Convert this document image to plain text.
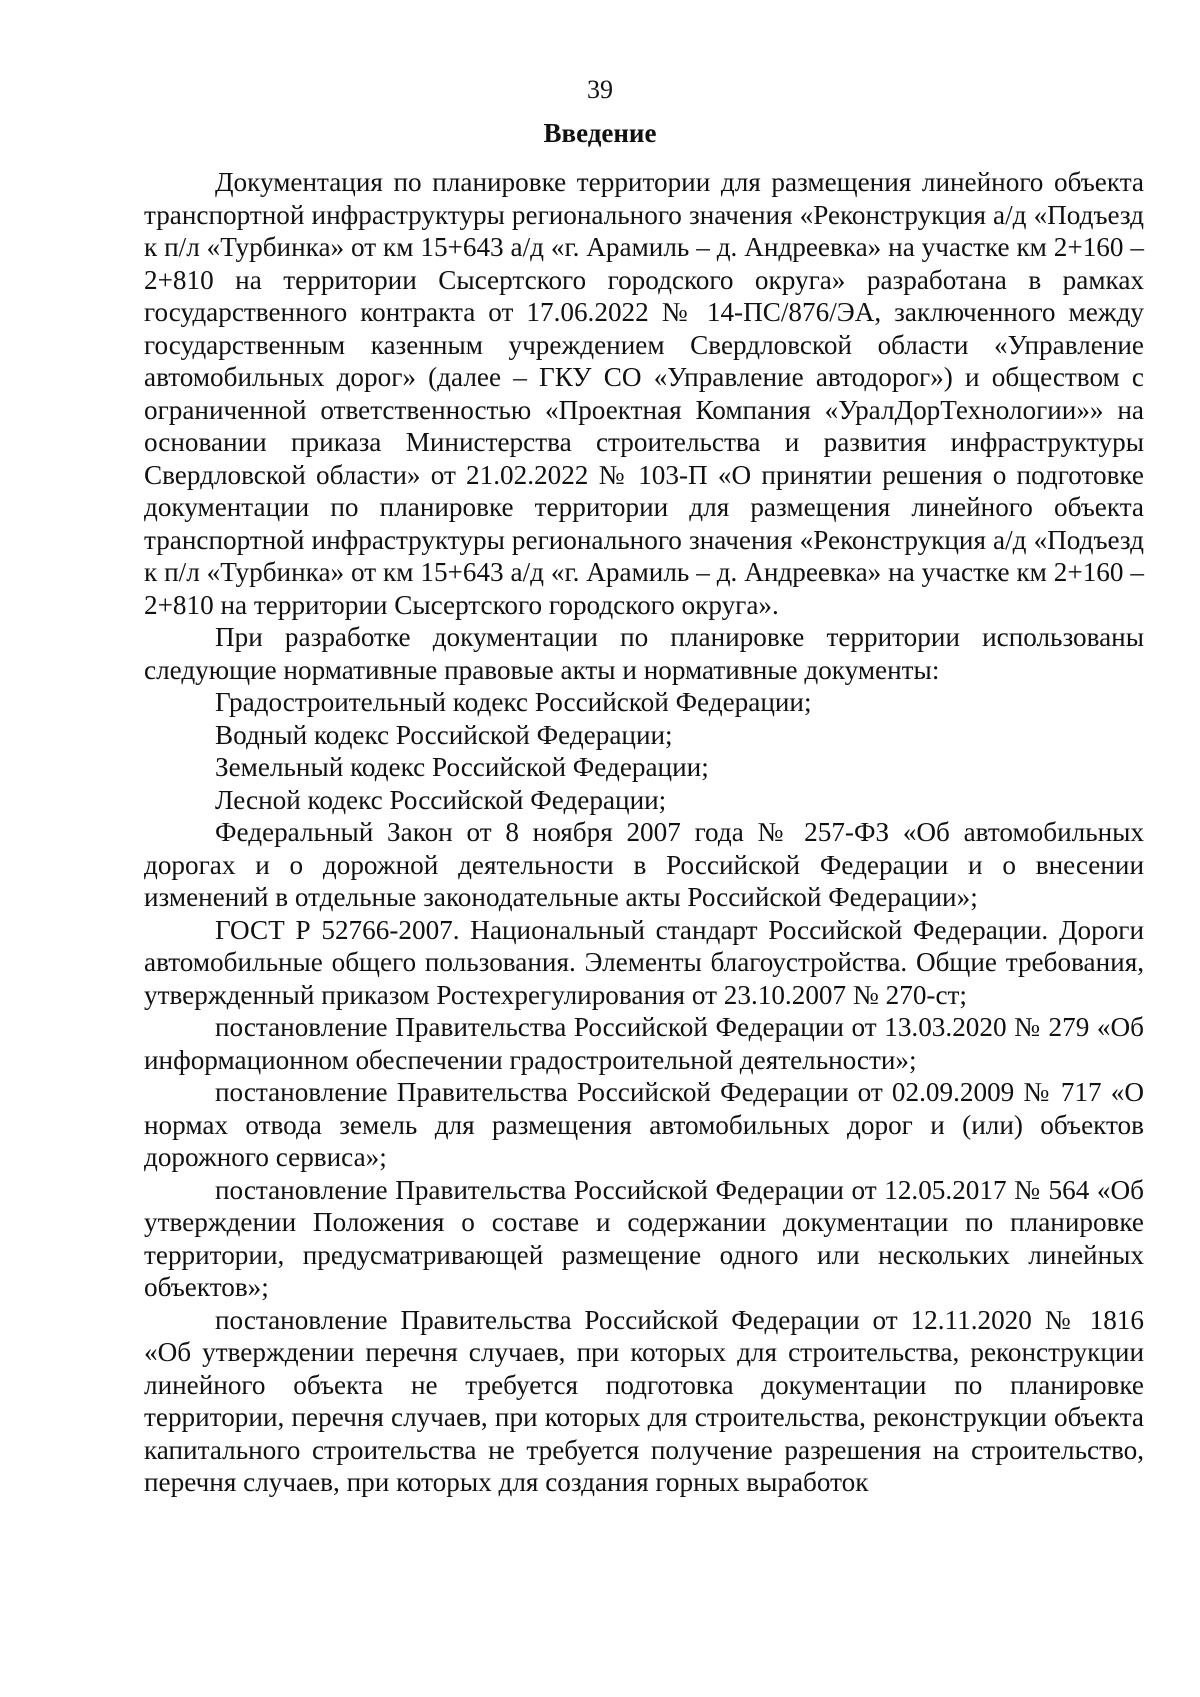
39
Введение

Документация по планировке территории для размещения линейного объекта транспортной инфраструктуры регионального значения «Реконструкция а/д «Подъезд к п/л «Турбинка» от км 15+643 а/д «г. Арамиль – д. Андреевка» на участке км 2+160 – 2+810 на территории Сысертского городского округа» разработана в рамках государственного контракта от 17.06.2022 № 14-ПС/876/ЭА, заключенного между государственным казенным учреждением Свердловской области «Управление автомобильных дорог» (далее – ГКУ СО «Управление автодорог») и обществом с ограниченной ответственностью «Проектная Компания «УралДорТехнологии»» на основании приказа Министерства строительства и развития инфраструктуры Свердловской области» от 21.02.2022 № 103-П «О принятии решения о подготовке документации по планировке территории для размещения линейного объекта транспортной инфраструктуры регионального значения «Реконструкция а/д «Подъезд к п/л «Турбинка» от км 15+643 а/д «г. Арамиль – д. Андреевка» на участке км 2+160 – 2+810 на территории Сысертского городского округа».

При разработке документации по планировке территории использованы следующие нормативные правовые акты и нормативные документы:

Градостроительный кодекс Российской Федерации;

Водный кодекс Российской Федерации;

Земельный кодекс Российской Федерации;

Лесной кодекс Российской Федерации;

Федеральный Закон от 8 ноября 2007 года № 257-ФЗ «Об автомобильных дорогах и о дорожной деятельности в Российской Федерации и о внесении изменений в отдельные законодательные акты Российской Федерации»;

ГОСТ Р 52766-2007. Национальный стандарт Российской Федерации. Дороги автомобильные общего пользования. Элементы благоустройства. Общие требования, утвержденный приказом Ростехрегулирования от 23.10.2007 № 270-ст;

постановление Правительства Российской Федерации от 13.03.2020 № 279 «Об информационном обеспечении градостроительной деятельности»;

постановление Правительства Российской Федерации от 02.09.2009 № 717 «О нормах отвода земель для размещения автомобильных дорог и (или) объектов дорожного сервиса»;

постановление Правительства Российской Федерации от 12.05.2017 № 564 «Об утверждении Положения о составе и содержании документации по планировке территории, предусматривающей размещение одного или нескольких линейных объектов»;

постановление Правительства Российской Федерации от 12.11.2020 № 1816 «Об утверждении перечня случаев, при которых для строительства, реконструкции линейного объекта не требуется подготовка документации по планировке территории, перечня случаев, при которых для строительства, реконструкции объекта капитального строительства не требуется получение разрешения на строительство, перечня случаев, при которых для создания горных выработок
